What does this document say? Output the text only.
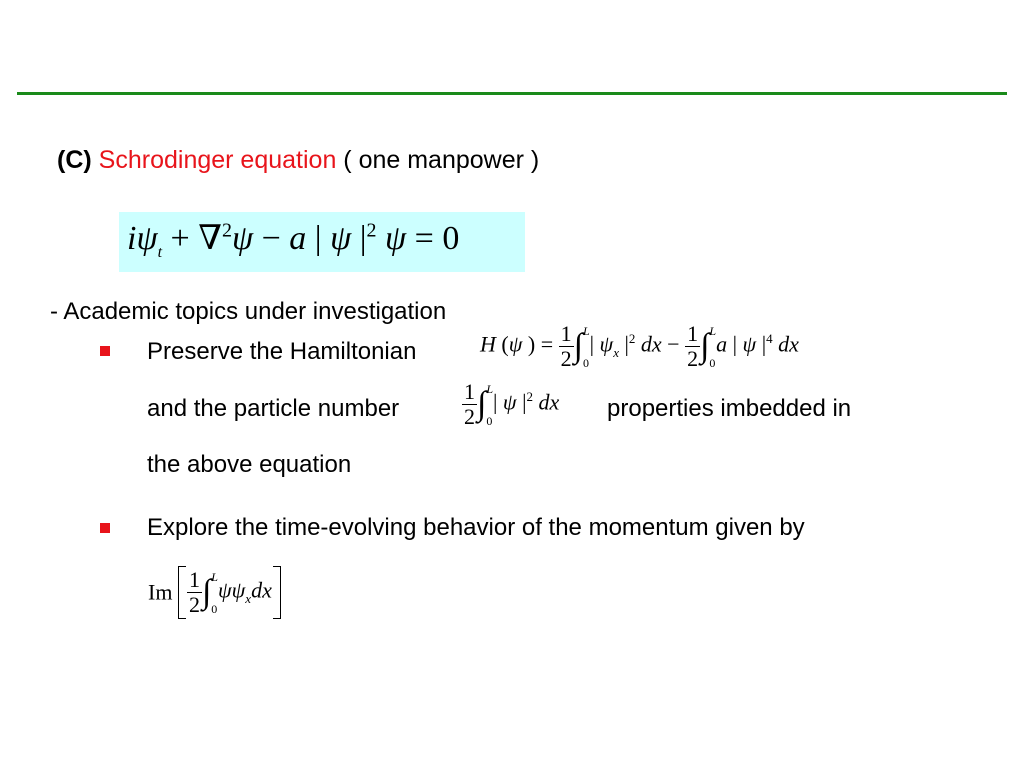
(C) Schrodinger equation ( one manpower )
$i\psi_t + \nabla^2\psi - a$ | ψ $|^2$ ψ = 0
- Academic topics under investigation
Preserve the Hamiltonian	H (ψ ) = $\frac{1}{2}$ ∫ L
0
| $\psi_x$ $|^2$ dx − $\frac{1}{2}$ ∫ L
0
a | ψ $|^4$ dx
and the particle number	$\frac{1}{2}$ ∫ L
0
| ψ $|^2$ dx properties imbedded in
the above equation
Explore the time-evolving behavior of the momentum given by
Im $\frac{1}{2}$ ∫ L
0
$\psi\psi_xdx$
